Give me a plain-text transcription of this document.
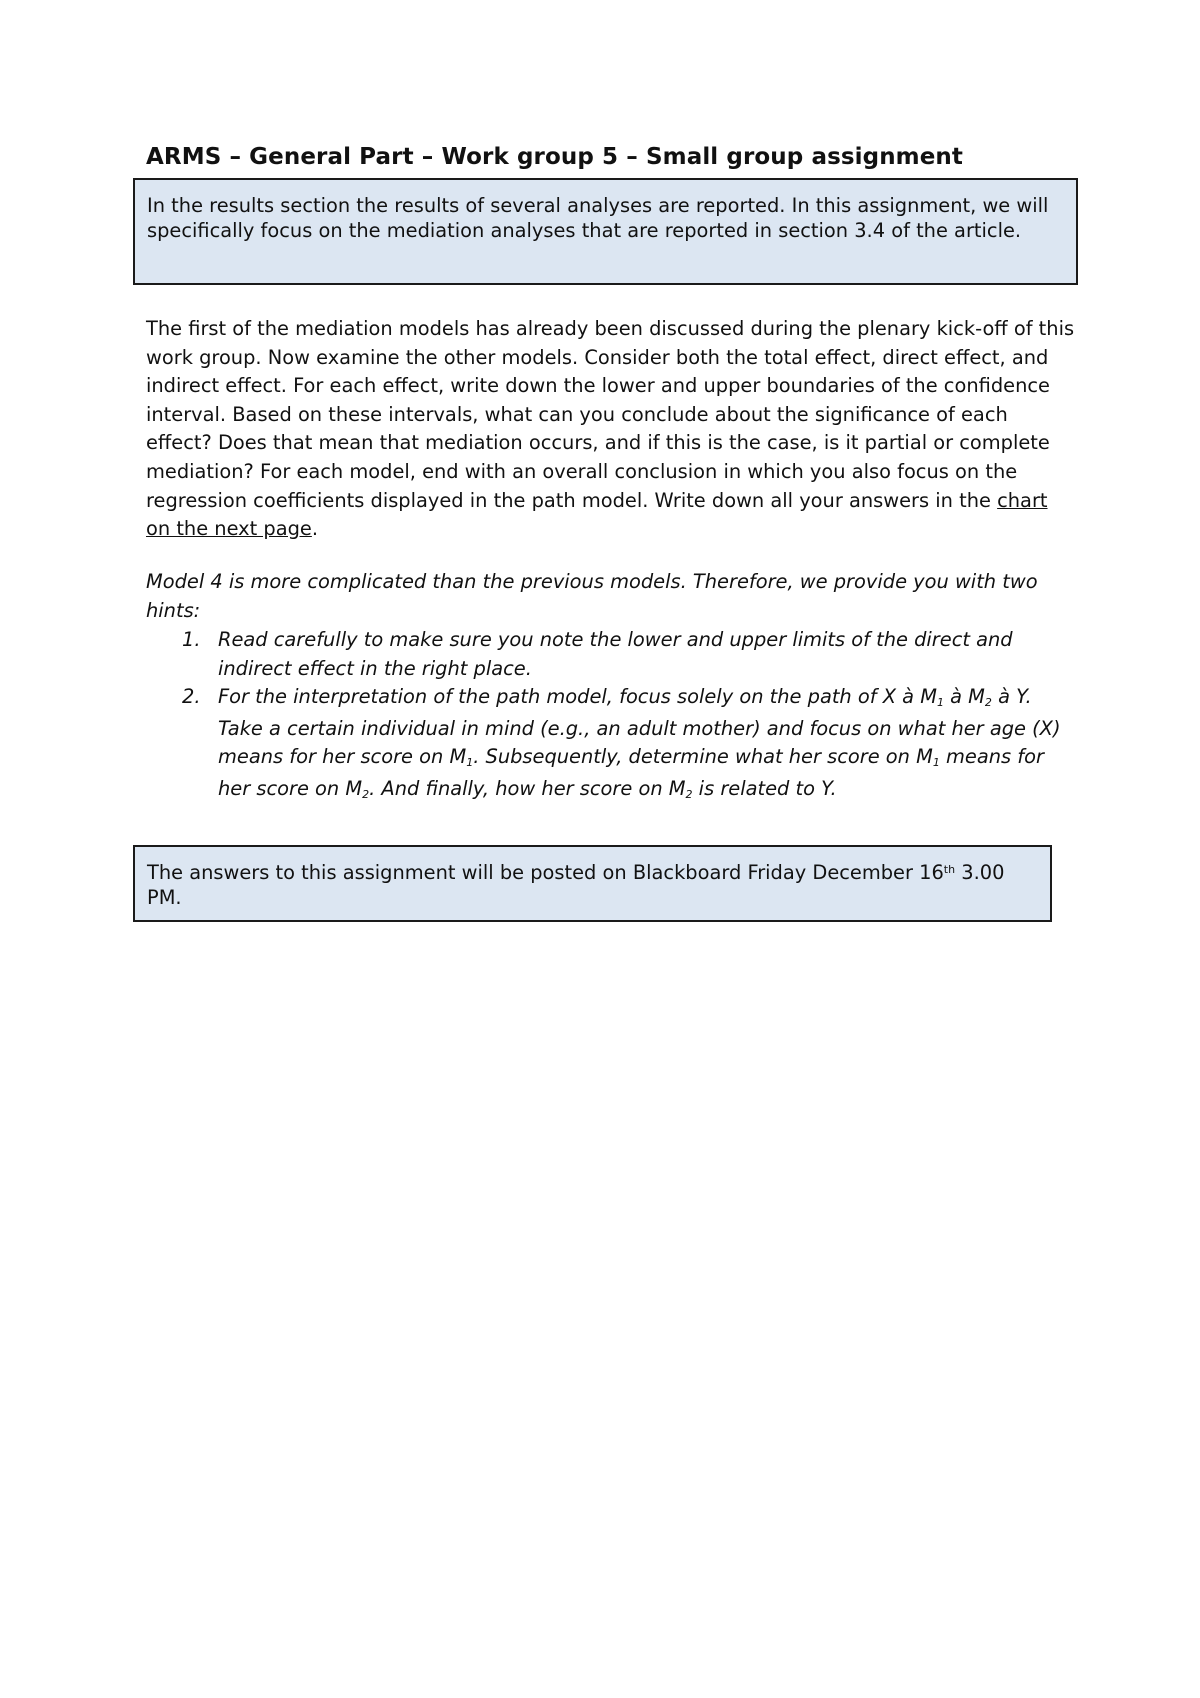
ARMS – General Part – Work group 5 – Small group assignment

In the results section the results of several analyses are reported. In this assignment, we will specifically focus on the mediation analyses that are reported in section 3.4 of the article.

The first of the mediation models has already been discussed during the plenary kick-off of this work group. Now examine the other models. Consider both the total effect, direct effect, and indirect effect. For each effect, write down the lower and upper boundaries of the confidence interval. Based on these intervals, what can you conclude about the significance of each effect? Does that mean that mediation occurs, and if this is the case, is it partial or complete mediation? For each model, end with an overall conclusion in which you also focus on the regression coefficients displayed in the path model. Write down all your answers in the chart on the next page.

Model 4 is more complicated than the previous models. Therefore, we provide you with two hints:

1. Read carefully to make sure you note the lower and upper limits of the direct and indirect effect in the right place.
2. For the interpretation of the path model, focus solely on the path of X à $M_1$ à $M_2$ à Y. Take a certain individual in mind (e.g., an adult mother) and focus on what her age (X) means for her score on $M_1$. Subsequently, determine what her score on $M_1$ means for her score on $M_2$. And finally, how her score on $M_2$ is related to Y.

The answers to this assignment will be posted on Blackboard Friday December 16th 3.00 PM.
